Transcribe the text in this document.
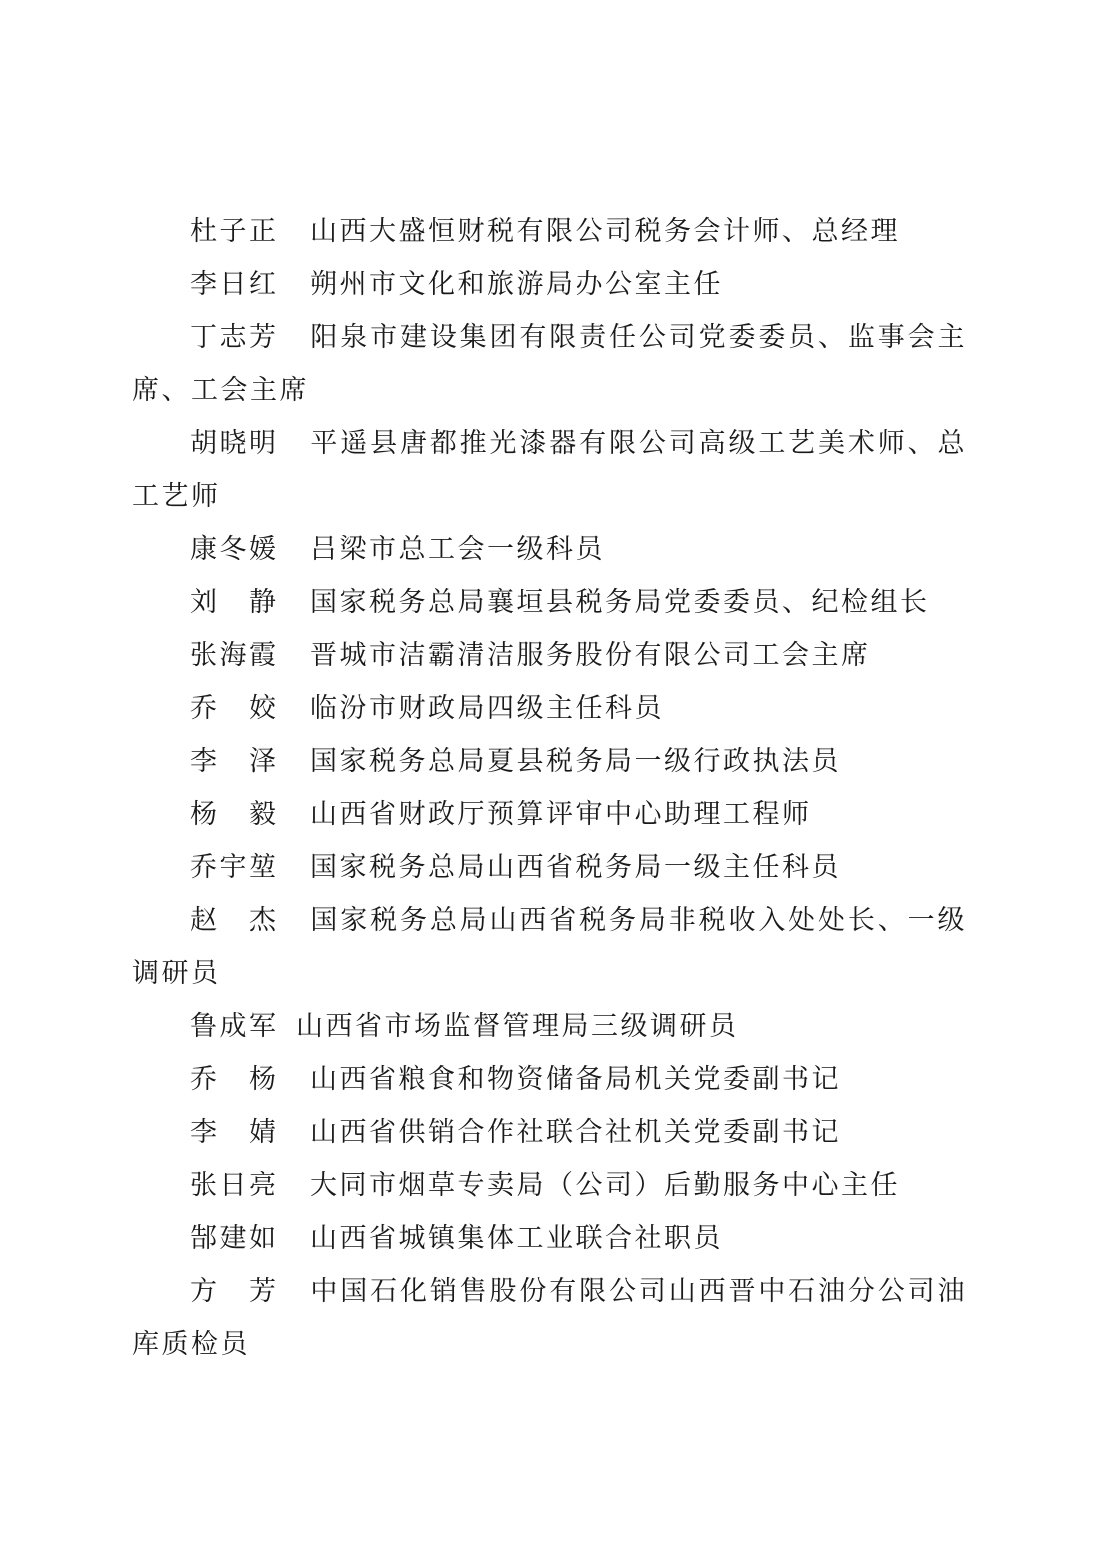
杜子正 山西大盛恒财税有限公司税务会计师、总经理

李日红 朔州市文化和旅游局办公室主任

丁志芳 阳泉市建设集团有限责任公司党委委员、监事会主席、工会主席

胡晓明 平遥县唐都推光漆器有限公司高级工艺美术师、总工艺师

康冬媛 吕梁市总工会一级科员

刘　静 国家税务总局襄垣县税务局党委委员、纪检组长

张海霞 晋城市洁霸清洁服务股份有限公司工会主席

乔　姣 临汾市财政局四级主任科员

李　泽 国家税务总局夏县税务局一级行政执法员

杨　毅 山西省财政厅预算评审中心助理工程师

乔宇堃 国家税务总局山西省税务局一级主任科员

赵　杰 国家税务总局山西省税务局非税收入处处长、一级调研员

鲁成军 山西省市场监督管理局三级调研员

乔　杨 山西省粮食和物资储备局机关党委副书记

李　婧 山西省供销合作社联合社机关党委副书记

张日亮 大同市烟草专卖局（公司）后勤服务中心主任

郜建如 山西省城镇集体工业联合社职员

方　芳 中国石化销售股份有限公司山西晋中石油分公司油库质检员
